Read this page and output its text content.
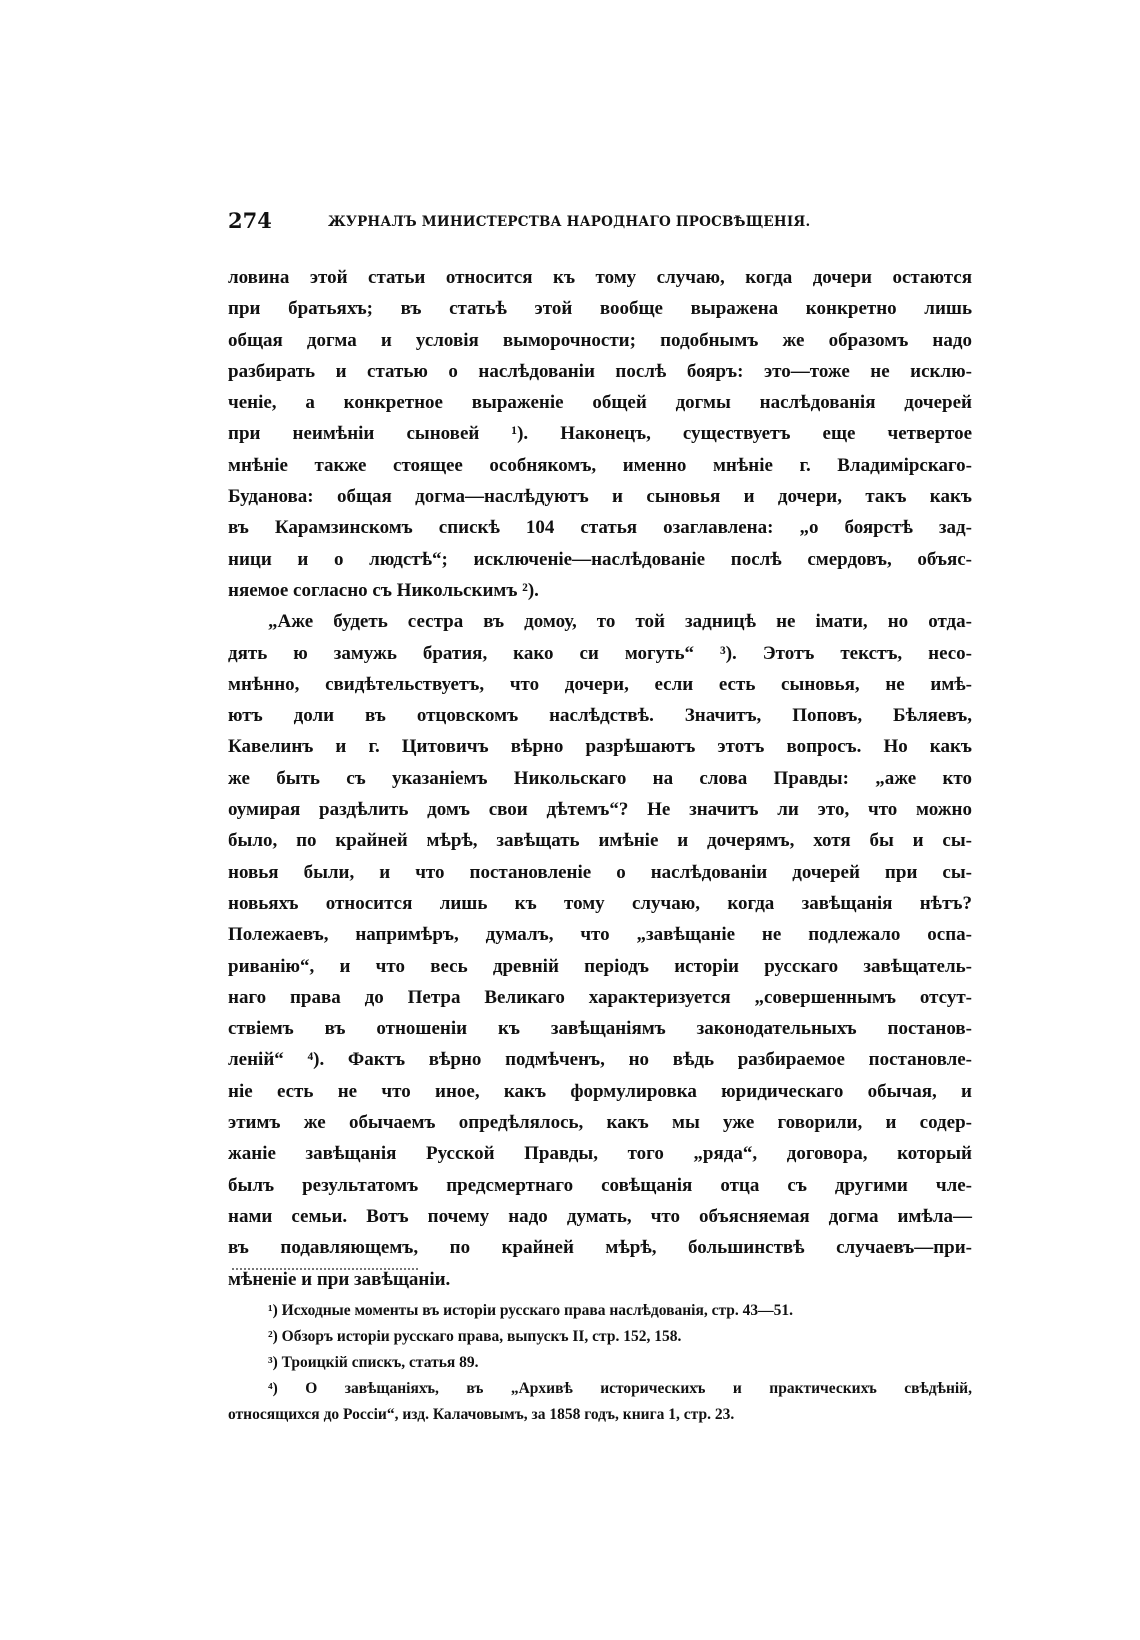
274	ЖУРНАЛЪ МИНИСТЕРСТВА НАРОДНАГО ПРОСВѢЩЕНІЯ.
ловина этой статьи относится къ тому случаю, когда дочери остаются
при братьяхъ; въ статьѣ этой вообще выражена конкретно лишь
общая догма и условія выморочности; подобнымъ же образомъ надо
разбирать и статью о наслѣдованіи послѣ бояръ: это—тоже не исклю-
ченіе, а конкретное выраженіе общей догмы наслѣдованія дочерей
при неимѣніи сыновей ¹). Наконецъ, существуетъ еще четвертое
мнѣніе также стоящее особнякомъ, именно мнѣніе г. Владимірскаго-
Буданова: общая догма—наслѣдуютъ и сыновья и дочери, такъ какъ
въ Карамзинскомъ спискѣ 104 статья озаглавлена: „о боярстѣ зад-
ници и о людстѣ“; исключеніе—наслѣдованіе послѣ смердовъ, объяс-
няемое согласно съ Никольскимъ ²).
„Аже будеть сестра въ домоу, то той задницѣ не імати, но отда-
дять ю замужь братия, како си могуть“ ³). Этотъ текстъ, несо-
мнѣнно, свидѣтельствуетъ, что дочери, если есть сыновья, не имѣ-
ютъ доли въ отцовскомъ наслѣдствѣ. Значитъ, Поповъ, Бѣляевъ,
Кавелинъ и г. Цитовичъ вѣрно разрѣшаютъ этотъ вопросъ. Но какъ
же быть съ указаніемъ Никольскаго на слова Правды: „аже кто
оумирая раздѣлить домъ свои дѣтемъ“? Не значитъ ли это, что можно
было, по крайней мѣрѣ, завѣщать имѣніе и дочерямъ, хотя бы и сы-
новья были, и что постановленіе о наслѣдованіи дочерей при сы-
новьяхъ относится лишь къ тому случаю, когда завѣщанія нѣтъ?
Полежаевъ, напримѣръ, думалъ, что „завѣщаніе не подлежало оспа-
риванію“, и что весь древній періодъ исторіи русскаго завѣщатель-
наго права до Петра Великаго характеризуется „совершеннымъ отсут-
ствіемъ въ отношеніи къ завѣщаніямъ законодательныхъ постанов-
леній“ ⁴). Фактъ вѣрно подмѣченъ, но вѣдь разбираемое постановле-
ніе есть не что иное, какъ формулировка юридическаго обычая, и
этимъ же обычаемъ опредѣлялось, какъ мы уже говорили, и содер-
жаніе завѣщанія Русской Правды, того „ряда“, договора, который
былъ результатомъ предсмертнаго совѣщанія отца съ другими чле-
нами семьи. Вотъ почему надо думать, что объясняемая догма имѣла—
въ подавляющемъ, по крайней мѣрѣ, большинствѣ случаевъ—при-
мѣненіе и при завѣщаніи.
¹) Исходные моменты въ исторіи русскаго права наслѣдованія, стр. 43—51.
²) Обзоръ исторіи русскаго права, выпускъ II, стр. 152, 158.
³) Троицкій спискъ, статья 89.
⁴) О завѣщаніяхъ, въ „Архивѣ историческихъ и практическихъ свѣдѣній,
относящихся до Россіи“, изд. Калачовымъ, за 1858 годъ, книга 1, стр. 23.
